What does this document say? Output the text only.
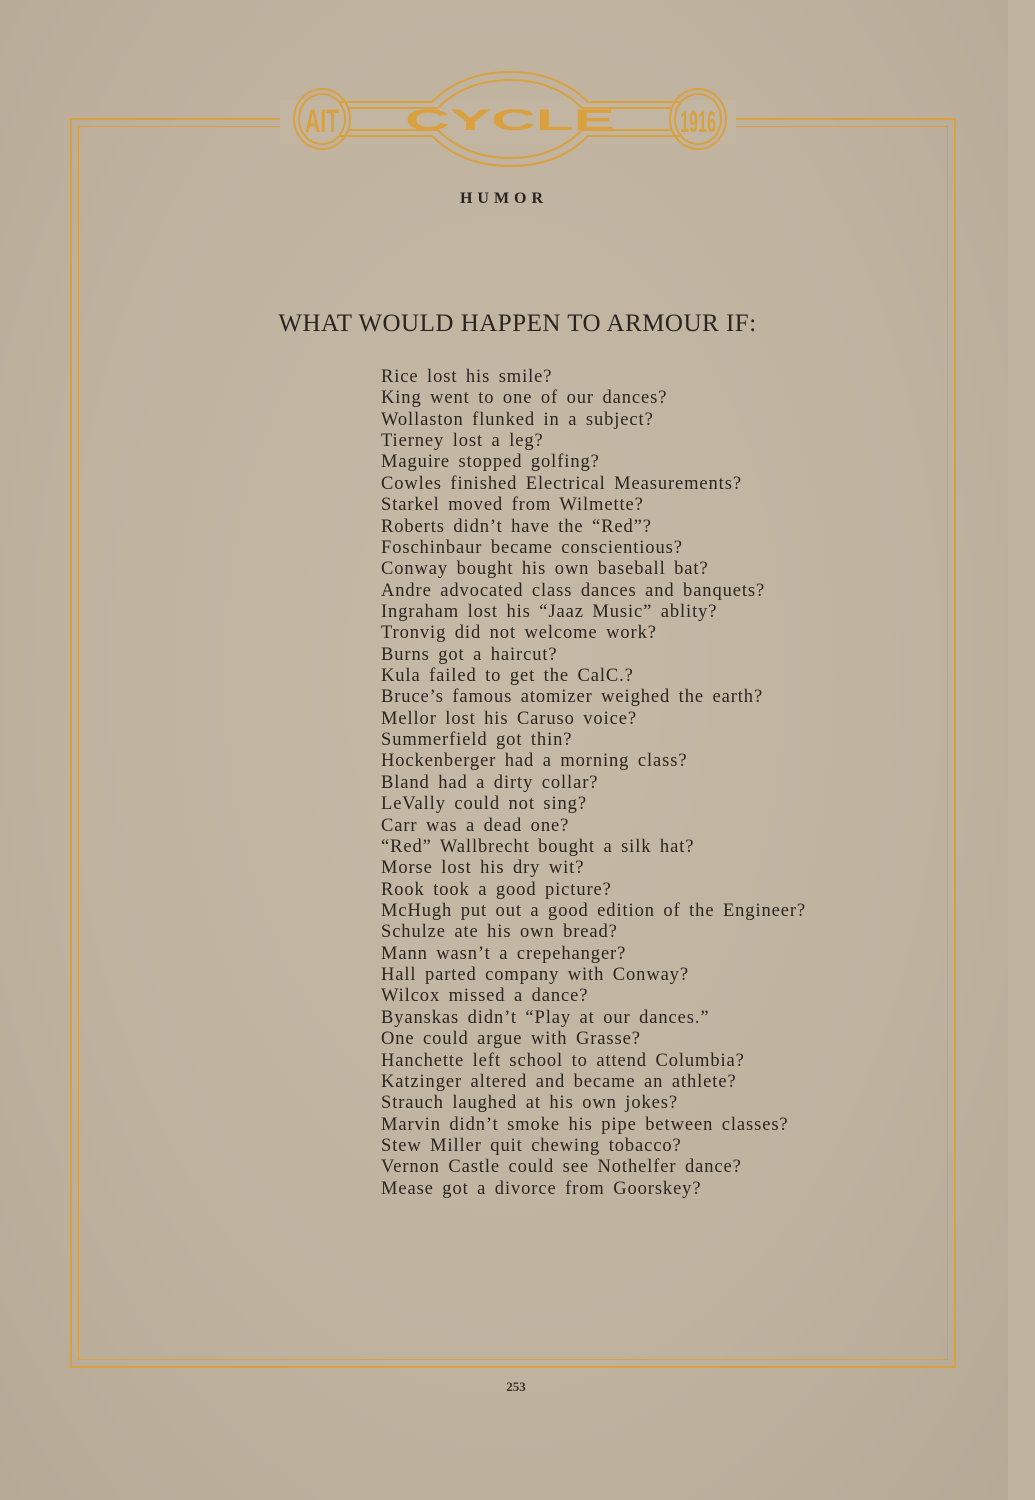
AIT CYCLE 1916
HUMOR
WHAT WOULD HAPPEN TO ARMOUR IF:
Rice lost his smile?
King went to one of our dances?
Wollaston flunked in a subject?
Tierney lost a leg?
Maguire stopped golfing?
Cowles finished Electrical Measurements?
Starkel moved from Wilmette?
Roberts didn’t have the “Red”?
Foschinbaur became conscientious?
Conway bought his own baseball bat?
Andre advocated class dances and banquets?
Ingraham lost his “Jaaz Music” ablity?
Tronvig did not welcome work?
Burns got a haircut?
Kula failed to get the CalC.?
Bruce’s famous atomizer weighed the earth?
Mellor lost his Caruso voice?
Summerfield got thin?
Hockenberger had a morning class?
Bland had a dirty collar?
LeVally could not sing?
Carr was a dead one?
“Red” Wallbrecht bought a silk hat?
Morse lost his dry wit?
Rook took a good picture?
McHugh put out a good edition of the Engineer?
Schulze ate his own bread?
Mann wasn’t a crepehanger?
Hall parted company with Conway?
Wilcox missed a dance?
Byanskas didn’t “Play at our dances.”
One could argue with Grasse?
Hanchette left school to attend Columbia?
Katzinger altered and became an athlete?
Strauch laughed at his own jokes?
Marvin didn’t smoke his pipe between classes?
Stew Miller quit chewing tobacco?
Vernon Castle could see Nothelfer dance?
Mease got a divorce from Goorskey?
253
